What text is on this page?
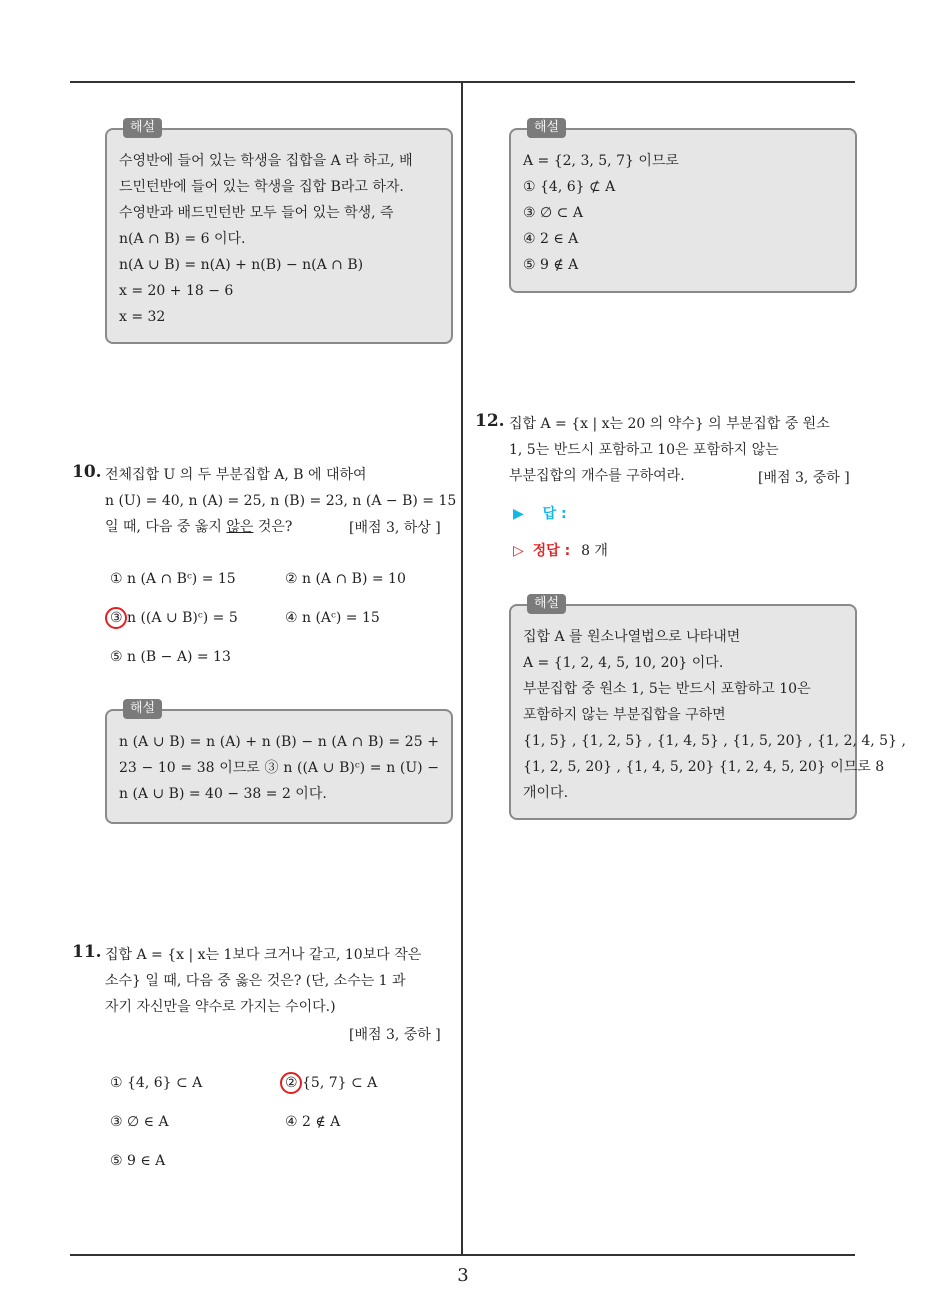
해설
수영반에 들어 있는 학생을 집합을 A 라 하고, 배
드민턴반에 들어 있는 학생을 집합 B라고 하자.
수영반과 배드민턴반 모두 들어 있는 학생, 즉
n(A ∩ B) = 6 이다.
n(A ∪ B) = n(A) + n(B) − n(A ∩ B)
x = 20 + 18 − 6
x = 32
10. 전체집합 U 의 두 부분집합 A, B 에 대하여
n (U) = 40, n (A) = 25, n (B) = 23, n (A − B) = 15
일 때, 다음 중 옳지 않은 것은?	[배점 3, 하상 ]
① n (A ∩ Bᶜ) = 15	② n (A ∩ B) = 10
③ n ((A ∪ B)ᶜ) = 5	④ n (Aᶜ) = 15
⑤ n (B − A) = 13
해설
n (A ∪ B) = n (A) + n (B) − n (A ∩ B) = 25 + 23 − 10 = 38 이므로 ③ n ((A ∪ B)ᶜ) = n (U) − n (A ∪ B) = 40 − 38 = 2 이다.
11. 집합 A = {x | x는 1보다 크거나 같고, 10보다 작은
소수} 일 때, 다음 중 옳은 것은? (단, 소수는 1 과
자기 자신만을 약수로 가지는 수이다.)
[배점 3, 중하 ]
① {4, 6} ⊂ A	② {5, 7} ⊂ A
③ ∅ ∈ A	④ 2 ∉ A
⑤ 9 ∈ A
해설
A = {2, 3, 5, 7} 이므로
① {4, 6} ⊄ A
③ ∅ ⊂ A
④ 2 ∈ A
⑤ 9 ∉ A
12. 집합 A = {x | x는 20 의 약수} 의 부분집합 중 원소
1, 5는 반드시 포함하고 10은 포함하지 않는
부분집합의 개수를 구하여라.	[배점 3, 중하 ]
▶ 답 :
▷ 정답 : 8 개
해설
집합 A 를 원소나열법으로 나타내면
A = {1, 2, 4, 5, 10, 20} 이다.
부분집합 중 원소 1, 5는 반드시 포함하고 10은
포함하지 않는 부분집합을 구하면
{1, 5} , {1, 2, 5} , {1, 4, 5} , {1, 5, 20} , {1, 2, 4, 5} ,
{1, 2, 5, 20} , {1, 4, 5, 20} {1, 2, 4, 5, 20} 이므로 8
개이다.
3
